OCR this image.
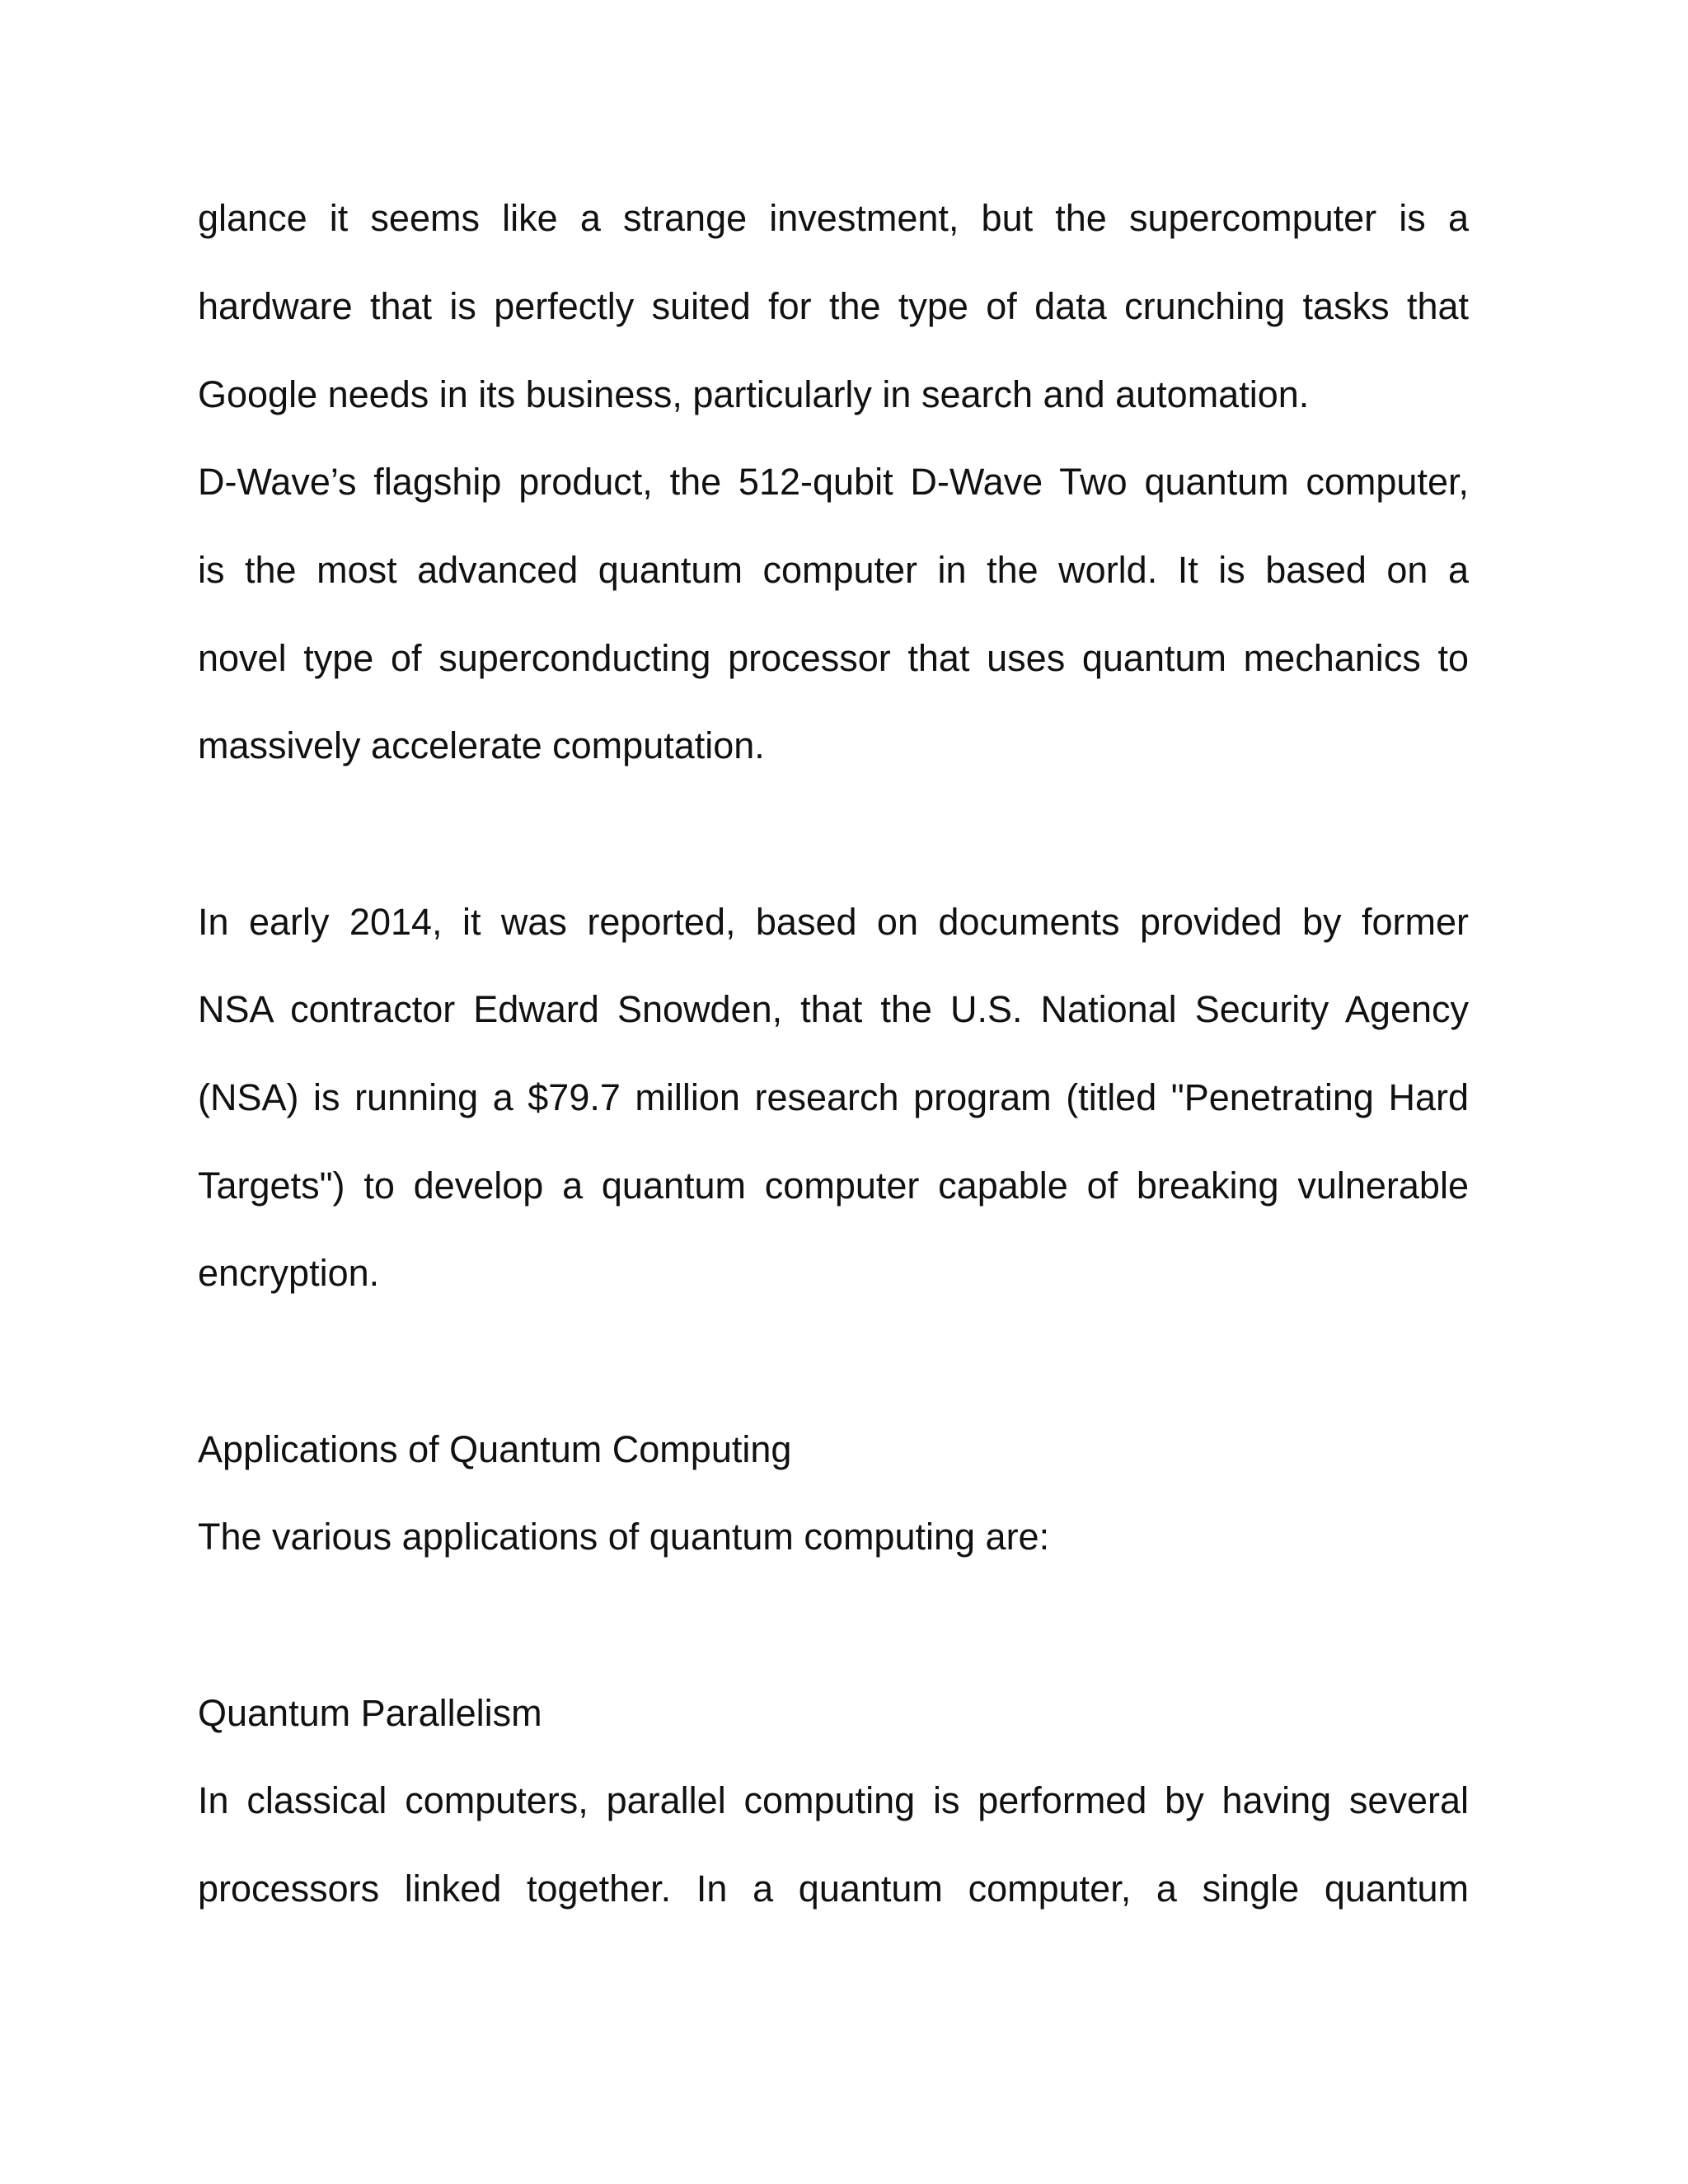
glance it seems like a strange investment, but the supercomputer is a
hardware that is perfectly suited for the type of data crunching tasks that
Google needs in its business, particularly in search and automation.
D-Wave’s flagship product, the 512-qubit D-Wave Two quantum computer,
is the most advanced quantum computer in the world. It is based on a
novel type of superconducting processor that uses quantum mechanics to
massively accelerate computation.
In early 2014, it was reported, based on documents provided by former
NSA contractor Edward Snowden, that the U.S. National Security Agency
(NSA) is running a $79.7 million research program (titled "Penetrating Hard
Targets") to develop a quantum computer capable of breaking vulnerable
encryption.
Applications of Quantum Computing
The various applications of quantum computing are:
Quantum Parallelism
In classical computers, parallel computing is performed by having several
processors linked together. In a quantum computer, a single quantum
